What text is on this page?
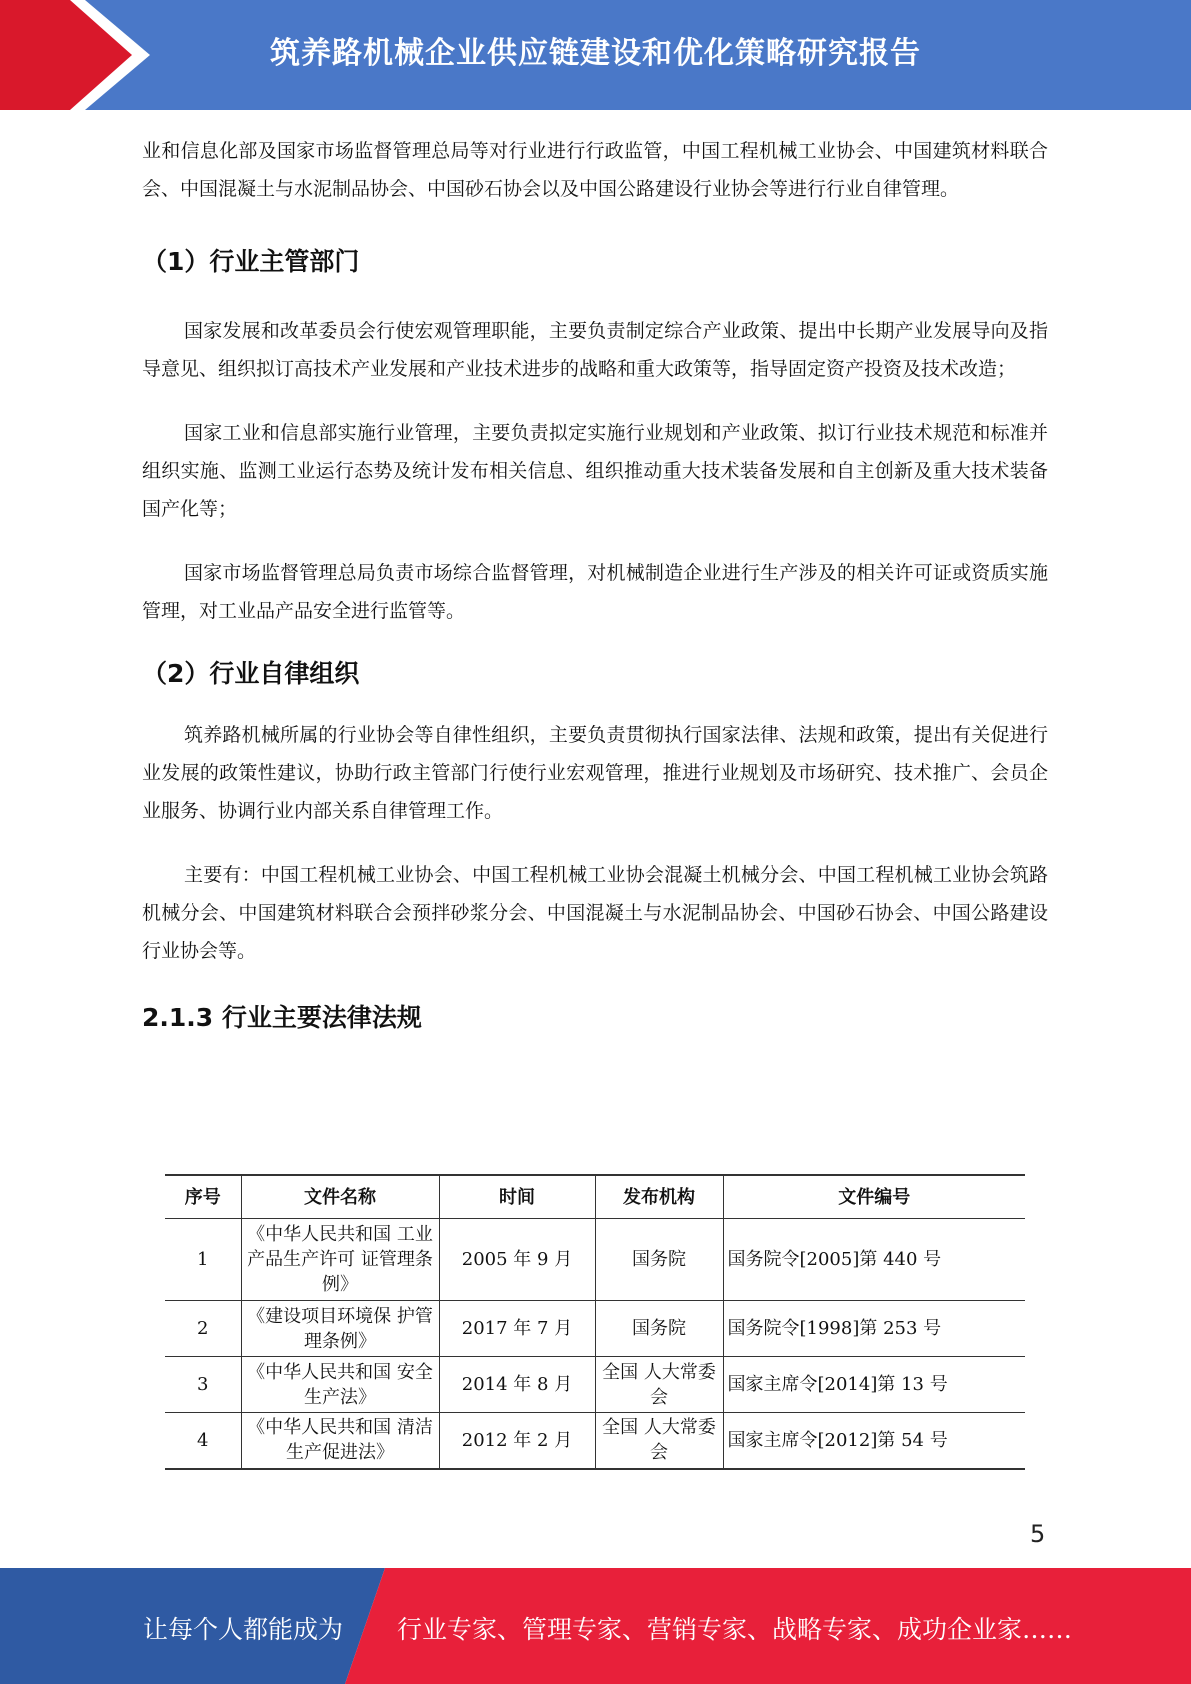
筑养路机械企业供应链建设和优化策略研究报告

业和信息化部及国家市场监督管理总局等对行业进行行政监管，中国工程机械工业协会、中国建筑材料联合会、中国混凝土与水泥制品协会、中国砂石协会以及中国公路建设行业协会等进行行业自律管理。

（1）行业主管部门

国家发展和改革委员会行使宏观管理职能，主要负责制定综合产业政策、提出中长期产业发展导向及指导意见、组织拟订高技术产业发展和产业技术进步的战略和重大政策等，指导固定资产投资及技术改造；

国家工业和信息部实施行业管理，主要负责拟定实施行业规划和产业政策、拟订行业技术规范和标准并组织实施、监测工业运行态势及统计发布相关信息、组织推动重大技术装备发展和自主创新及重大技术装备国产化等；

国家市场监督管理总局负责市场综合监督管理，对机械制造企业进行生产涉及的相关许可证或资质实施管理，对工业品产品安全进行监管等。

（2）行业自律组织

筑养路机械所属的行业协会等自律性组织，主要负责贯彻执行国家法律、法规和政策，提出有关促进行业发展的政策性建议，协助行政主管部门行使行业宏观管理，推进行业规划及市场研究、技术推广、会员企业服务、协调行业内部关系自律管理工作。

主要有：中国工程机械工业协会、中国工程机械工业协会混凝土机械分会、中国工程机械工业协会筑路机械分会、中国建筑材料联合会预拌砂浆分会、中国混凝土与水泥制品协会、中国砂石协会、中国公路建设行业协会等。

2.1.3 行业主要法律法规
序号	文件名称	时间	发布机构	文件编号
1	《中华人民共和国 工业产品生产许可 证管理条例》	2005 年 9 月	国务院	国务院令[2005]第 440 号
2	《建设项目环境保 护管理条例》	2017 年 7 月	国务院	国务院令[1998]第 253 号
3	《中华人民共和国 安全生产法》	2014 年 8 月	全国 人大常委会	国家主席令[2014]第 13 号
4	《中华人民共和国 清洁生产促进法》	2012 年 2 月	全国 人大常委会	国家主席令[2012]第 54 号
5
让每个人都能成为 行业专家、管理专家、营销专家、战略专家、成功企业家……
